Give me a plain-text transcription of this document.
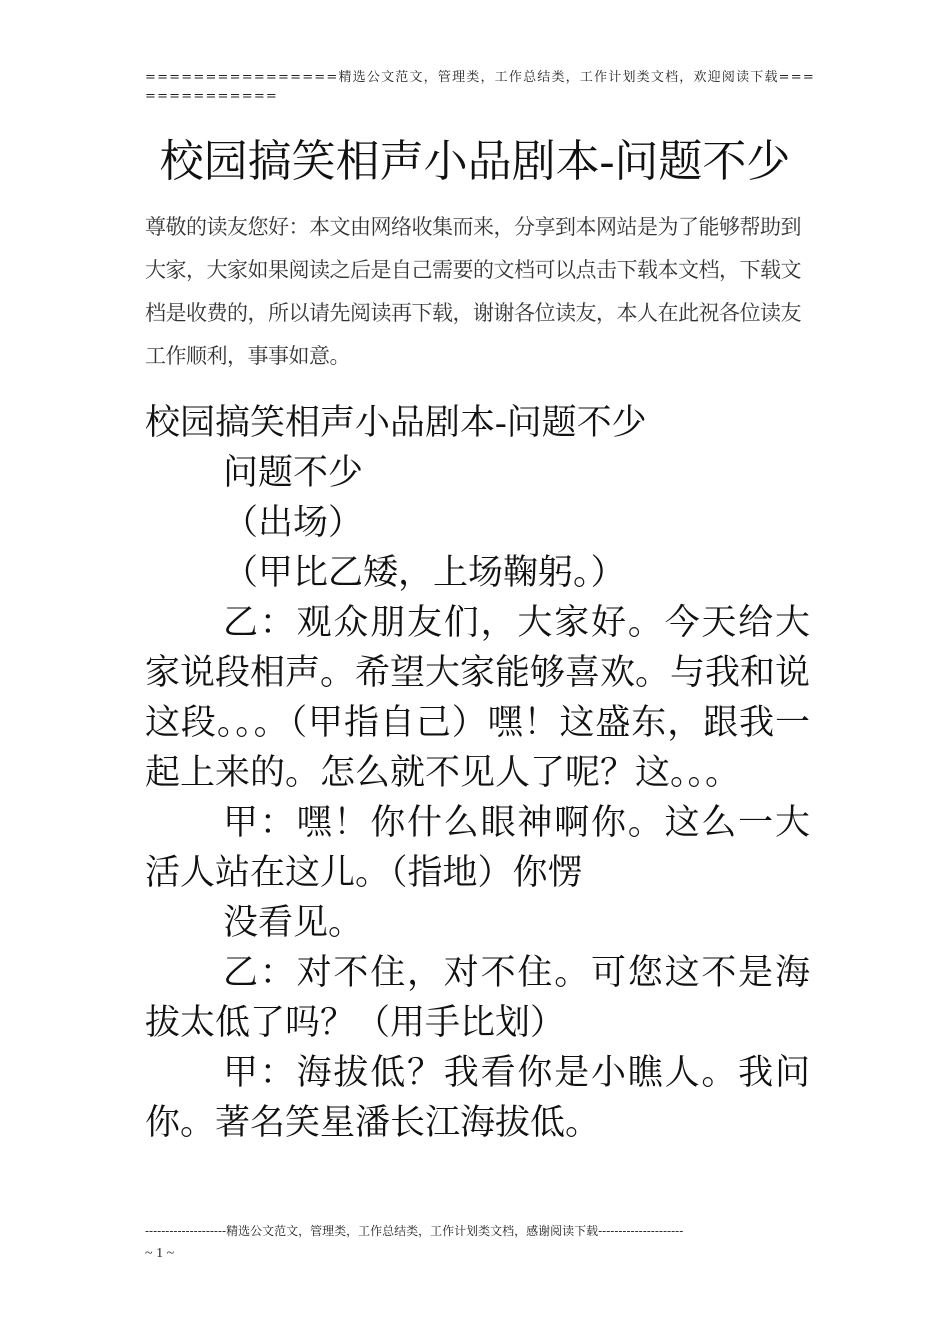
================精选公文范文，管理类，工作总结类，工作计划类文档，欢迎阅读下载==============
校园搞笑相声小品剧本-问题不少
尊敬的读友您好：本文由网络收集而来，分享到本网站是为了能够帮助到大家，大家如果阅读之后是自己需要的文档可以点击下载本文档，下载文档是收费的，所以请先阅读再下载，谢谢各位读友，本人在此祝各位读友工作顺利，事事如意。

校园搞笑相声小品剧本-问题不少

问题不少

（出场）

（甲比乙矮，上场鞠躬。）

乙：观众朋友们，大家好。今天给大家说段相声。希望大家能够喜欢。与我和说这段。。。（甲指自己）嘿！这盛东，跟我一起上来的。怎么就不见人了呢？这。。。

甲：嘿！你什么眼神啊你。这么一大活人站在这儿。（指地）你愣

没看见。

乙：对不住，对不住。可您这不是海拔太低了吗？（用手比划）

甲：海拔低？我看你是小瞧人。我问你。著名笑星潘长江海拔低。

--------------------精选公文范文，管理类，工作总结类，工作计划类文档，感谢阅读下载---------------------
~ 1 ~
